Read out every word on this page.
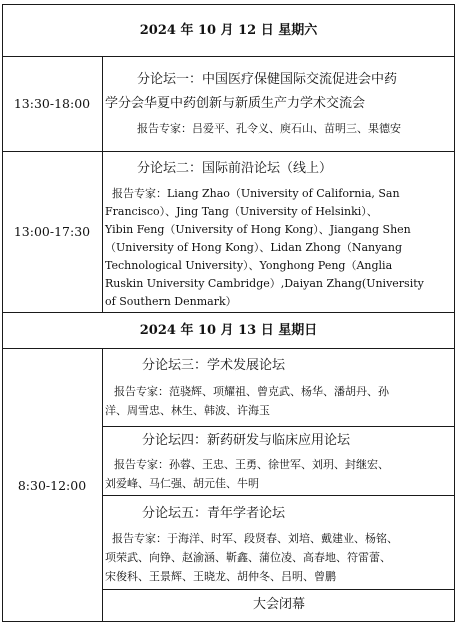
2024 年 10 月 12 日 星期六
13:30-18:00
分论坛一：中国医疗保健国际交流促进会中药
学分会华夏中药创新与新质生产力学术交流会
报告专家：吕爱平、孔令义、庾石山、苗明三、果德安
13:00-17:30
分论坛二：国际前沿论坛（线上）
报告专家：Liang Zhao（University of California, San
Francisco）、Jing Tang（University of Helsinki）、
Yibin Feng（University of Hong Kong）、Jiangang Shen
（University of Hong Kong）、Lidan Zhong（Nanyang
Technological University）、Yonghong Peng（Anglia
Ruskin University Cambridge）,Daiyan Zhang(University
of Southern Denmark）
2024 年 10 月 13 日 星期日
8:30-12:00
分论坛三：学术发展论坛
报告专家：范骁辉、项耀祖、曾克武、杨华、潘胡丹、孙
洋、周雪忠、林生、韩波、许海玉
分论坛四：新药研发与临床应用论坛
报告专家：孙蓉、王忠、王勇、徐世军、刘玥、封继宏、
刘爱峰、马仁强、胡元佳、牛明
分论坛五：青年学者论坛
报告专家：于海洋、时军、段贤春、刘培、戴建业、杨铭、
项荣武、向铮、赵渝涵、靳鑫、蒲位凌、高春地、符雷蕾、
宋俊科、王景辉、王晓龙、胡仲冬、吕明、曾鹏
大会闭幕
